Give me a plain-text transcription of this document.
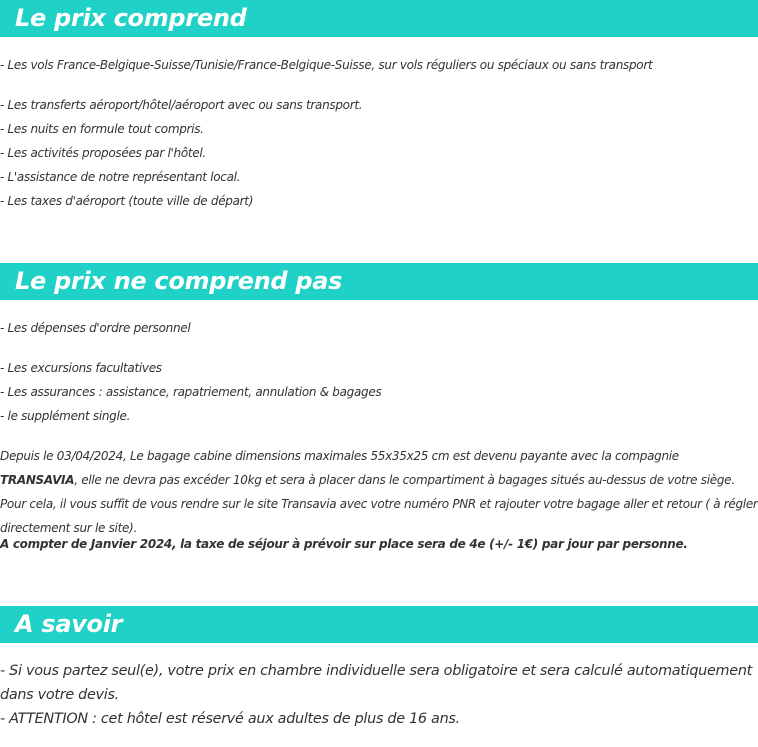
Le prix comprend

- Les vols France-Belgique-Suisse/Tunisie/France-Belgique-Suisse, sur vols réguliers ou spéciaux ou sans transport

- Les transferts aéroport/hôtel/aéroport avec ou sans transport.

- Les nuits en formule tout compris.

- Les activités proposées par l'hôtel.

- L'assistance de notre représentant local.

- Les taxes d'aéroport (toute ville de départ)

Le prix ne comprend pas

- Les dépenses d'ordre personnel

- Les excursions facultatives

- Les assurances : assistance, rapatriement, annulation & bagages

- le supplément single.

Depuis le 03/04/2024, Le bagage cabine dimensions maximales 55x35x25 cm est devenu payante avec la compagnie TRANSAVIA, elle ne devra pas excéder 10kg et sera à placer dans le compartiment à bagages situés au-dessus de votre siège. Pour cela, il vous suffit de vous rendre sur le site Transavia avec votre numéro PNR et rajouter votre bagage aller et retour ( à régler directement sur le site).

A compter de Janvier 2024, la taxe de séjour à prévoir sur place sera de 4e (+/- 1€) par jour par personne.

A savoir

- Si vous partez seul(e), votre prix en chambre individuelle sera obligatoire et sera calculé automatiquement dans votre devis.

- ATTENTION : cet hôtel est réservé aux adultes de plus de 16 ans.
